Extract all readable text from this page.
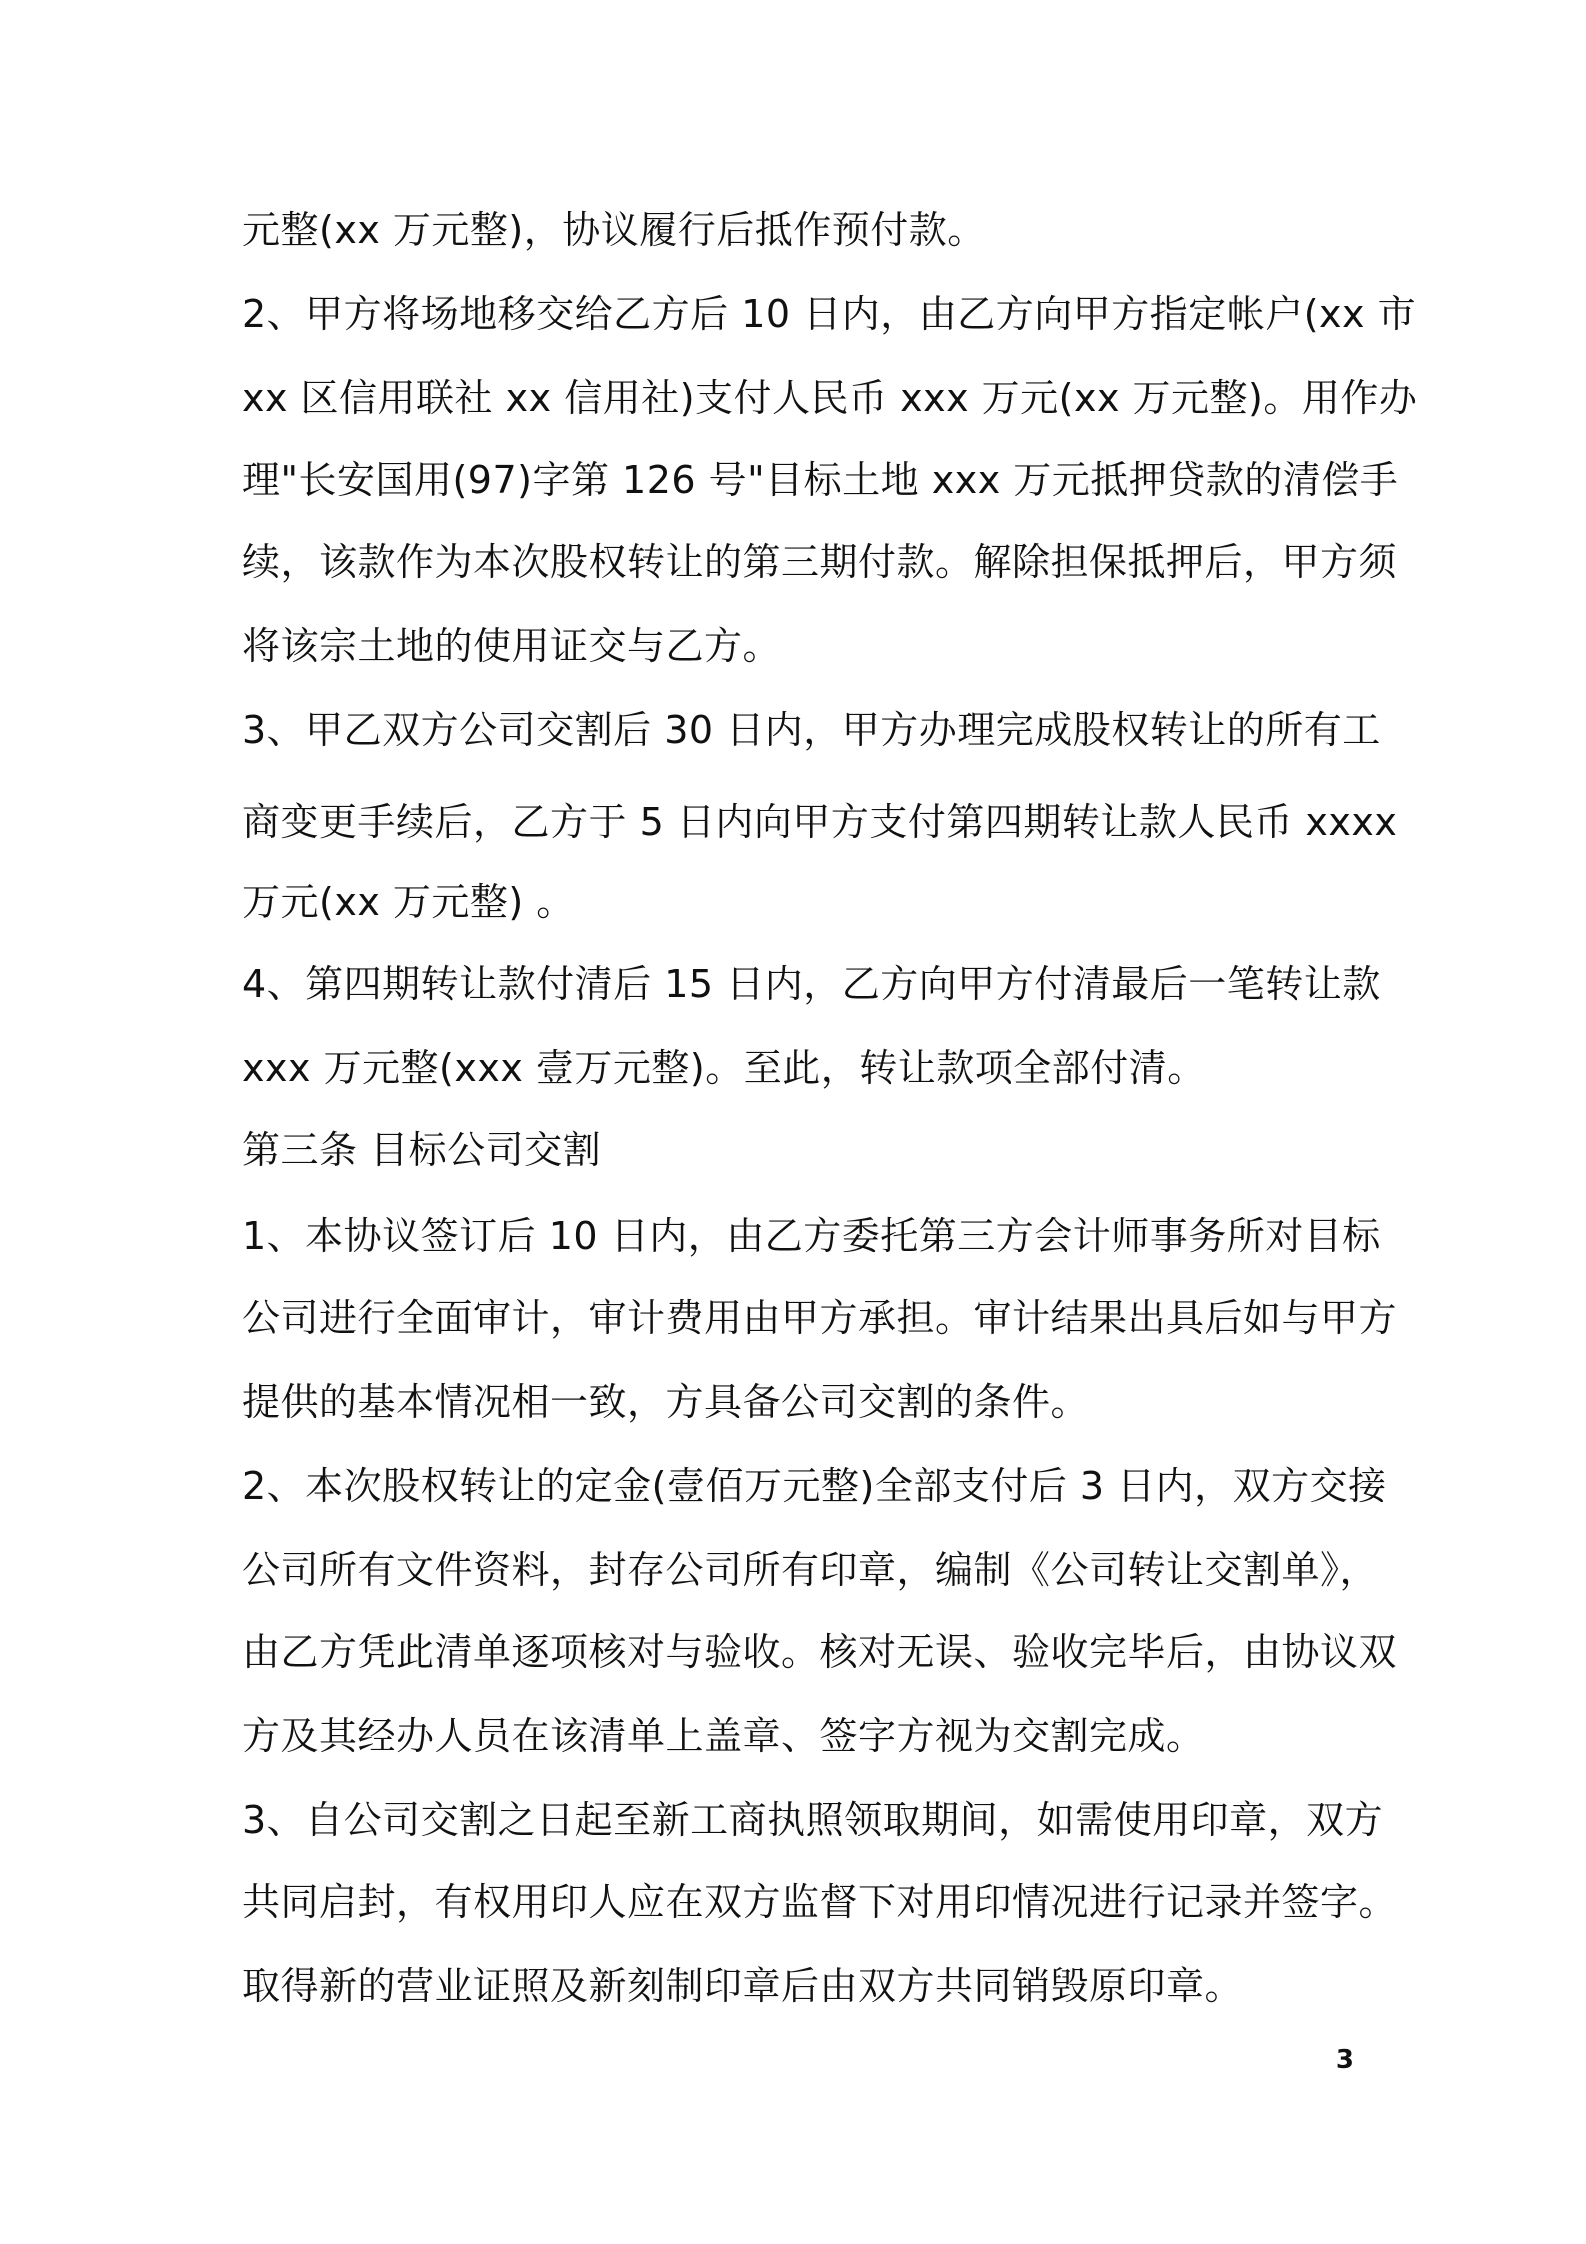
元整(xx 万元整)，协议履行后抵作预付款。
2、甲方将场地移交给乙方后 10 日内，由乙方向甲方指定帐户(xx 市
xx 区信用联社 xx 信用社)支付人民币 xxx 万元(xx 万元整)。用作办
理"长安国用(97)字第 126 号"目标土地 xxx 万元抵押贷款的清偿手
续，该款作为本次股权转让的第三期付款。解除担保抵押后，甲方须
将该宗土地的使用证交与乙方。
3、甲乙双方公司交割后 30 日内，甲方办理完成股权转让的所有工
商变更手续后，乙方于 5 日内向甲方支付第四期转让款人民币 xxxx
万元(xx 万元整) 。
4、第四期转让款付清后 15 日内，乙方向甲方付清最后一笔转让款
xxx 万元整(xxx 壹万元整)。至此，转让款项全部付清。
第三条 目标公司交割
1、本协议签订后 10 日内，由乙方委托第三方会计师事务所对目标
公司进行全面审计，审计费用由甲方承担。审计结果出具后如与甲方
提供的基本情况相一致，方具备公司交割的条件。
2、本次股权转让的定金(壹佰万元整)全部支付后 3 日内，双方交接
公司所有文件资料，封存公司所有印章，编制《公司转让交割单》，
由乙方凭此清单逐项核对与验收。核对无误、验收完毕后，由协议双
方及其经办人员在该清单上盖章、签字方视为交割完成。
3、自公司交割之日起至新工商执照领取期间，如需使用印章，双方
共同启封，有权用印人应在双方监督下对用印情况进行记录并签字。
取得新的营业证照及新刻制印章后由双方共同销毁原印章。
3
